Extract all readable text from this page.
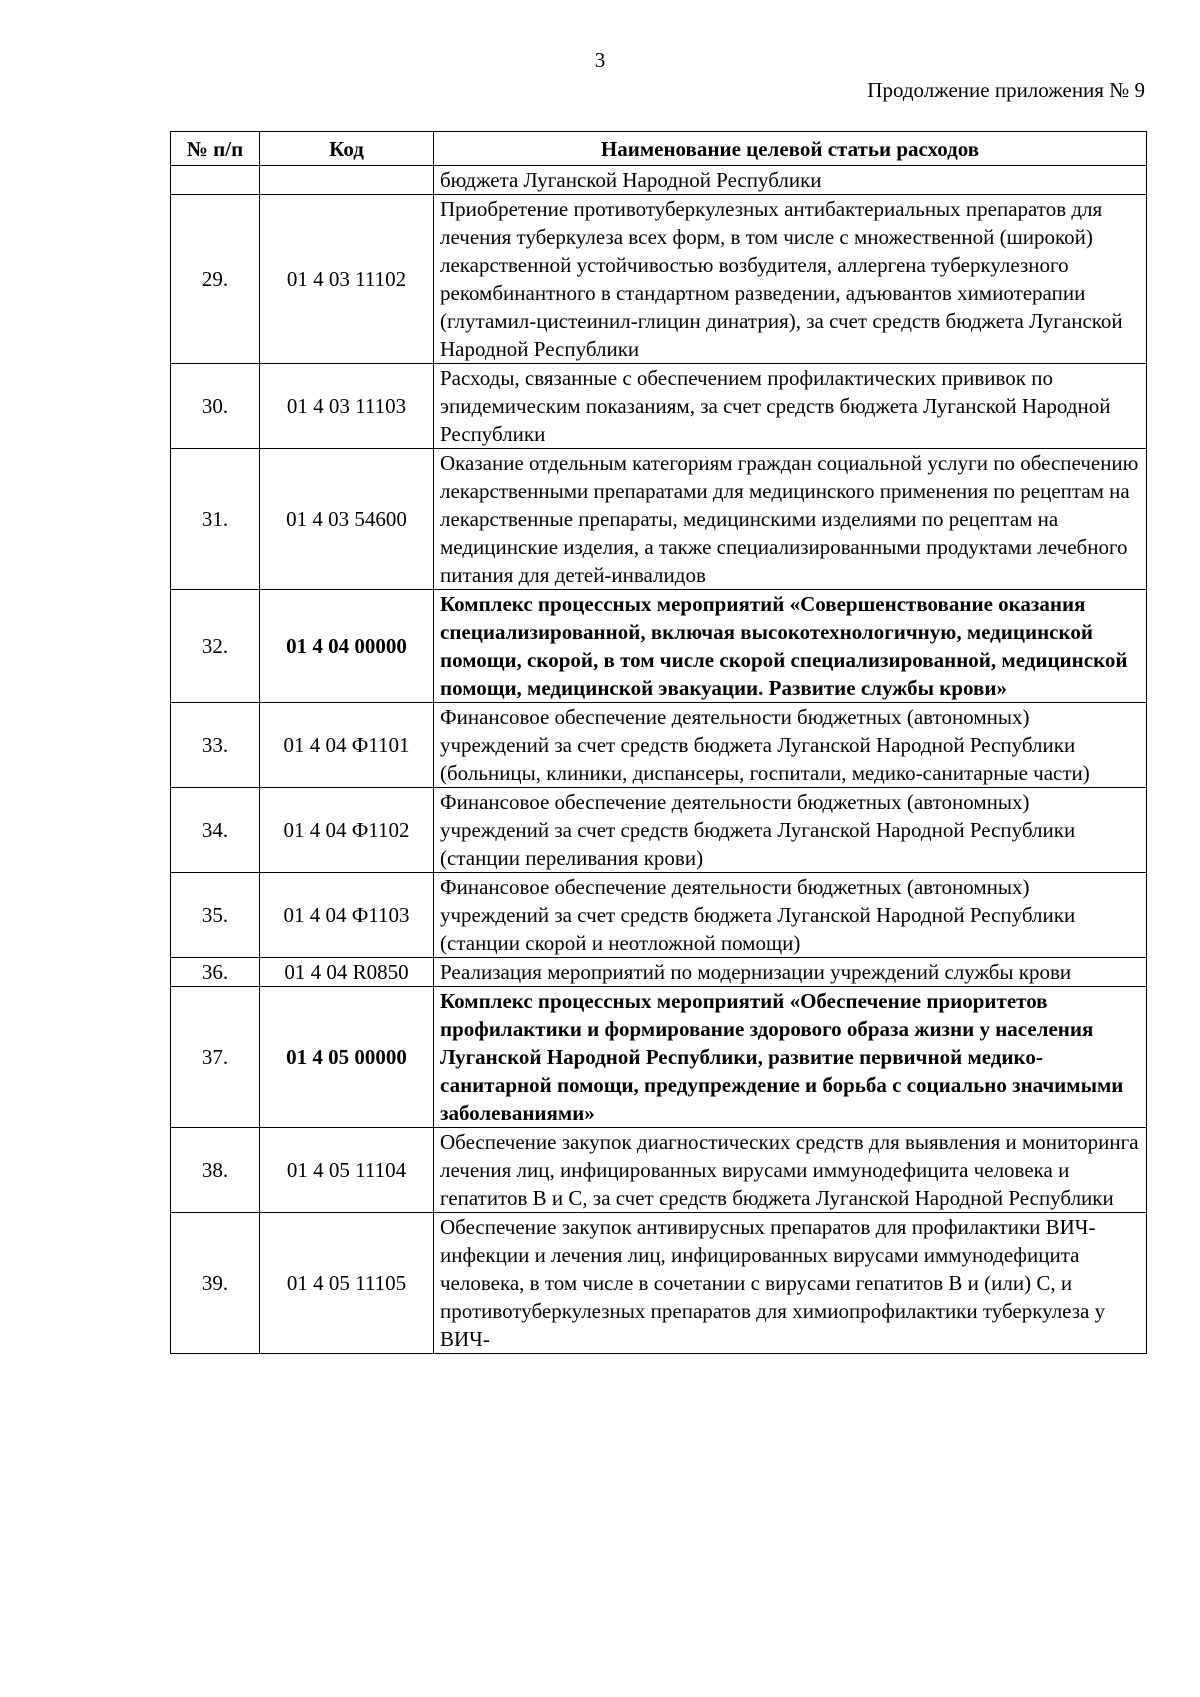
3
Продолжение приложения № 9
№ п/п	Код	Наименование целевой статьи расходов
		бюджета Луганской Народной Республики
29.	01 4 03 11102	Приобретение противотуберкулезных антибактериальных препаратов для лечения туберкулеза всех форм, в том числе с множественной (широкой) лекарственной устойчивостью возбудителя, аллергена туберкулезного рекомбинантного в стандартном разведении, адъювантов химиотерапии (глутамил-цистеинил-глицин динатрия), за счет средств бюджета Луганской Народной Республики
30.	01 4 03 11103	Расходы, связанные с обеспечением профилактических прививок по эпидемическим показаниям, за счет средств бюджета Луганской Народной Республики
31.	01 4 03 54600	Оказание отдельным категориям граждан социальной услуги по обеспечению лекарственными препаратами для медицинского применения по рецептам на лекарственные препараты, медицинскими изделиями по рецептам на медицинские изделия, а также специализированными продуктами лечебного питания для детей-инвалидов
32.	01 4 04 00000	Комплекс процессных мероприятий «Совершенствование оказания специализированной, включая высокотехнологичную, медицинской помощи, скорой, в том числе скорой специализированной, медицинской помощи, медицинской эвакуации. Развитие службы крови»
33.	01 4 04 Ф1101	Финансовое обеспечение деятельности бюджетных (автономных) учреждений за счет средств бюджета Луганской Народной Республики (больницы, клиники, диспансеры, госпитали, медико-санитарные части)
34.	01 4 04 Ф1102	Финансовое обеспечение деятельности бюджетных (автономных) учреждений за счет средств бюджета Луганской Народной Республики (станции переливания крови)
35.	01 4 04 Ф1103	Финансовое обеспечение деятельности бюджетных (автономных) учреждений за счет средств бюджета Луганской Народной Республики (станции скорой и неотложной помощи)
36.	01 4 04 R0850	Реализация мероприятий по модернизации учреждений службы крови
37.	01 4 05 00000	Комплекс процессных мероприятий «Обеспечение приоритетов профилактики и формирование здорового образа жизни у населения Луганской Народной Республики, развитие первичной медико-санитарной помощи, предупреждение и борьба с социально значимыми заболеваниями»
38.	01 4 05 11104	Обеспечение закупок диагностических средств для выявления и мониторинга лечения лиц, инфицированных вирусами иммунодефицита человека и гепатитов B и C, за счет средств бюджета Луганской Народной Республики
39.	01 4 05 11105	Обеспечение закупок антивирусных препаратов для профилактики ВИЧ-инфекции и лечения лиц, инфицированных вирусами иммунодефицита человека, в том числе в сочетании с вирусами гепатитов B и (или) C, и противотуберкулезных препаратов для химиопрофилактики туберкулеза у ВИЧ-
